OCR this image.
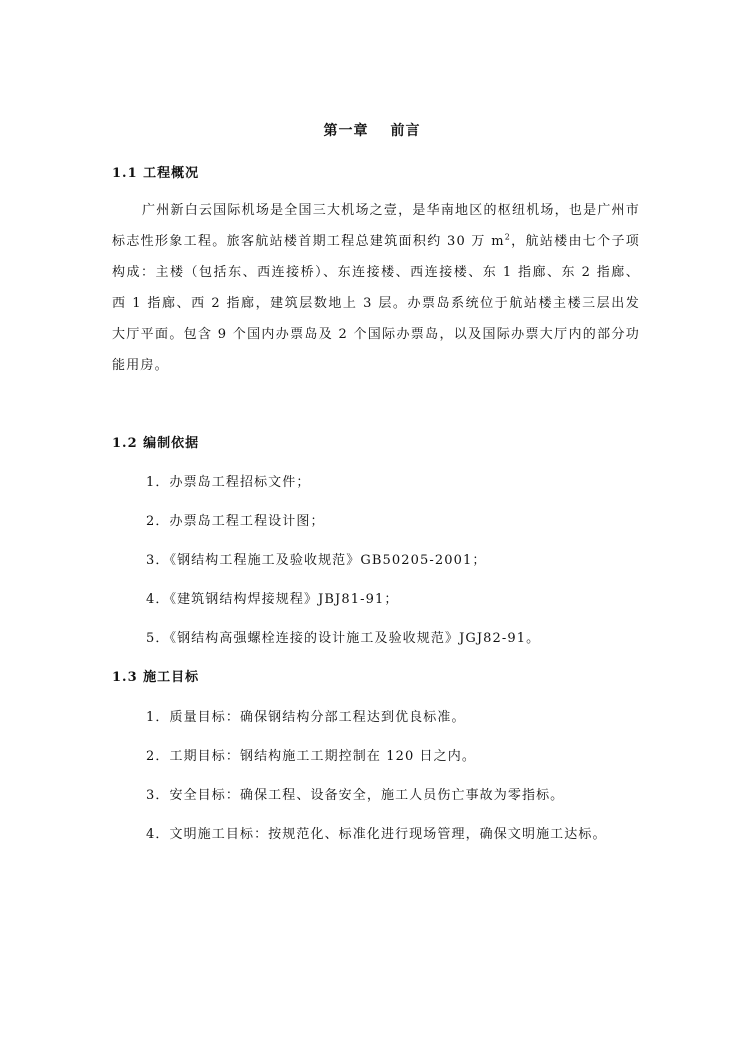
第一章 前言
1.1 工程概况
广州新白云国际机场是全国三大机场之壹，是华南地区的枢纽机场，也是广州市标志性形象工程。旅客航站楼首期工程总建筑面积约 30 万 $m^2$，航站楼由七个子项构成：主楼（包括东、西连接桥）、东连接楼、西连接楼、东 1 指廊、东 2 指廊、西 1 指廊、西 2 指廊，建筑层数地上 3 层。办票岛系统位于航站楼主楼三层出发大厅平面。包含 9 个国内办票岛及 2 个国际办票岛，以及国际办票大厅内的部分功能用房。
1.2 编制依据
1．办票岛工程招标文件；
2．办票岛工程工程设计图；
3．《钢结构工程施工及验收规范》GB50205-2001；
4．《建筑钢结构焊接规程》JBJ81-91；
5．《钢结构高强螺栓连接的设计施工及验收规范》JGJ82-91。
1.3 施工目标
1．质量目标：确保钢结构分部工程达到优良标准。
2．工期目标：钢结构施工工期控制在 120 日之内。
3．安全目标：确保工程、设备安全，施工人员伤亡事故为零指标。
4．文明施工目标：按规范化、标准化进行现场管理，确保文明施工达标。
